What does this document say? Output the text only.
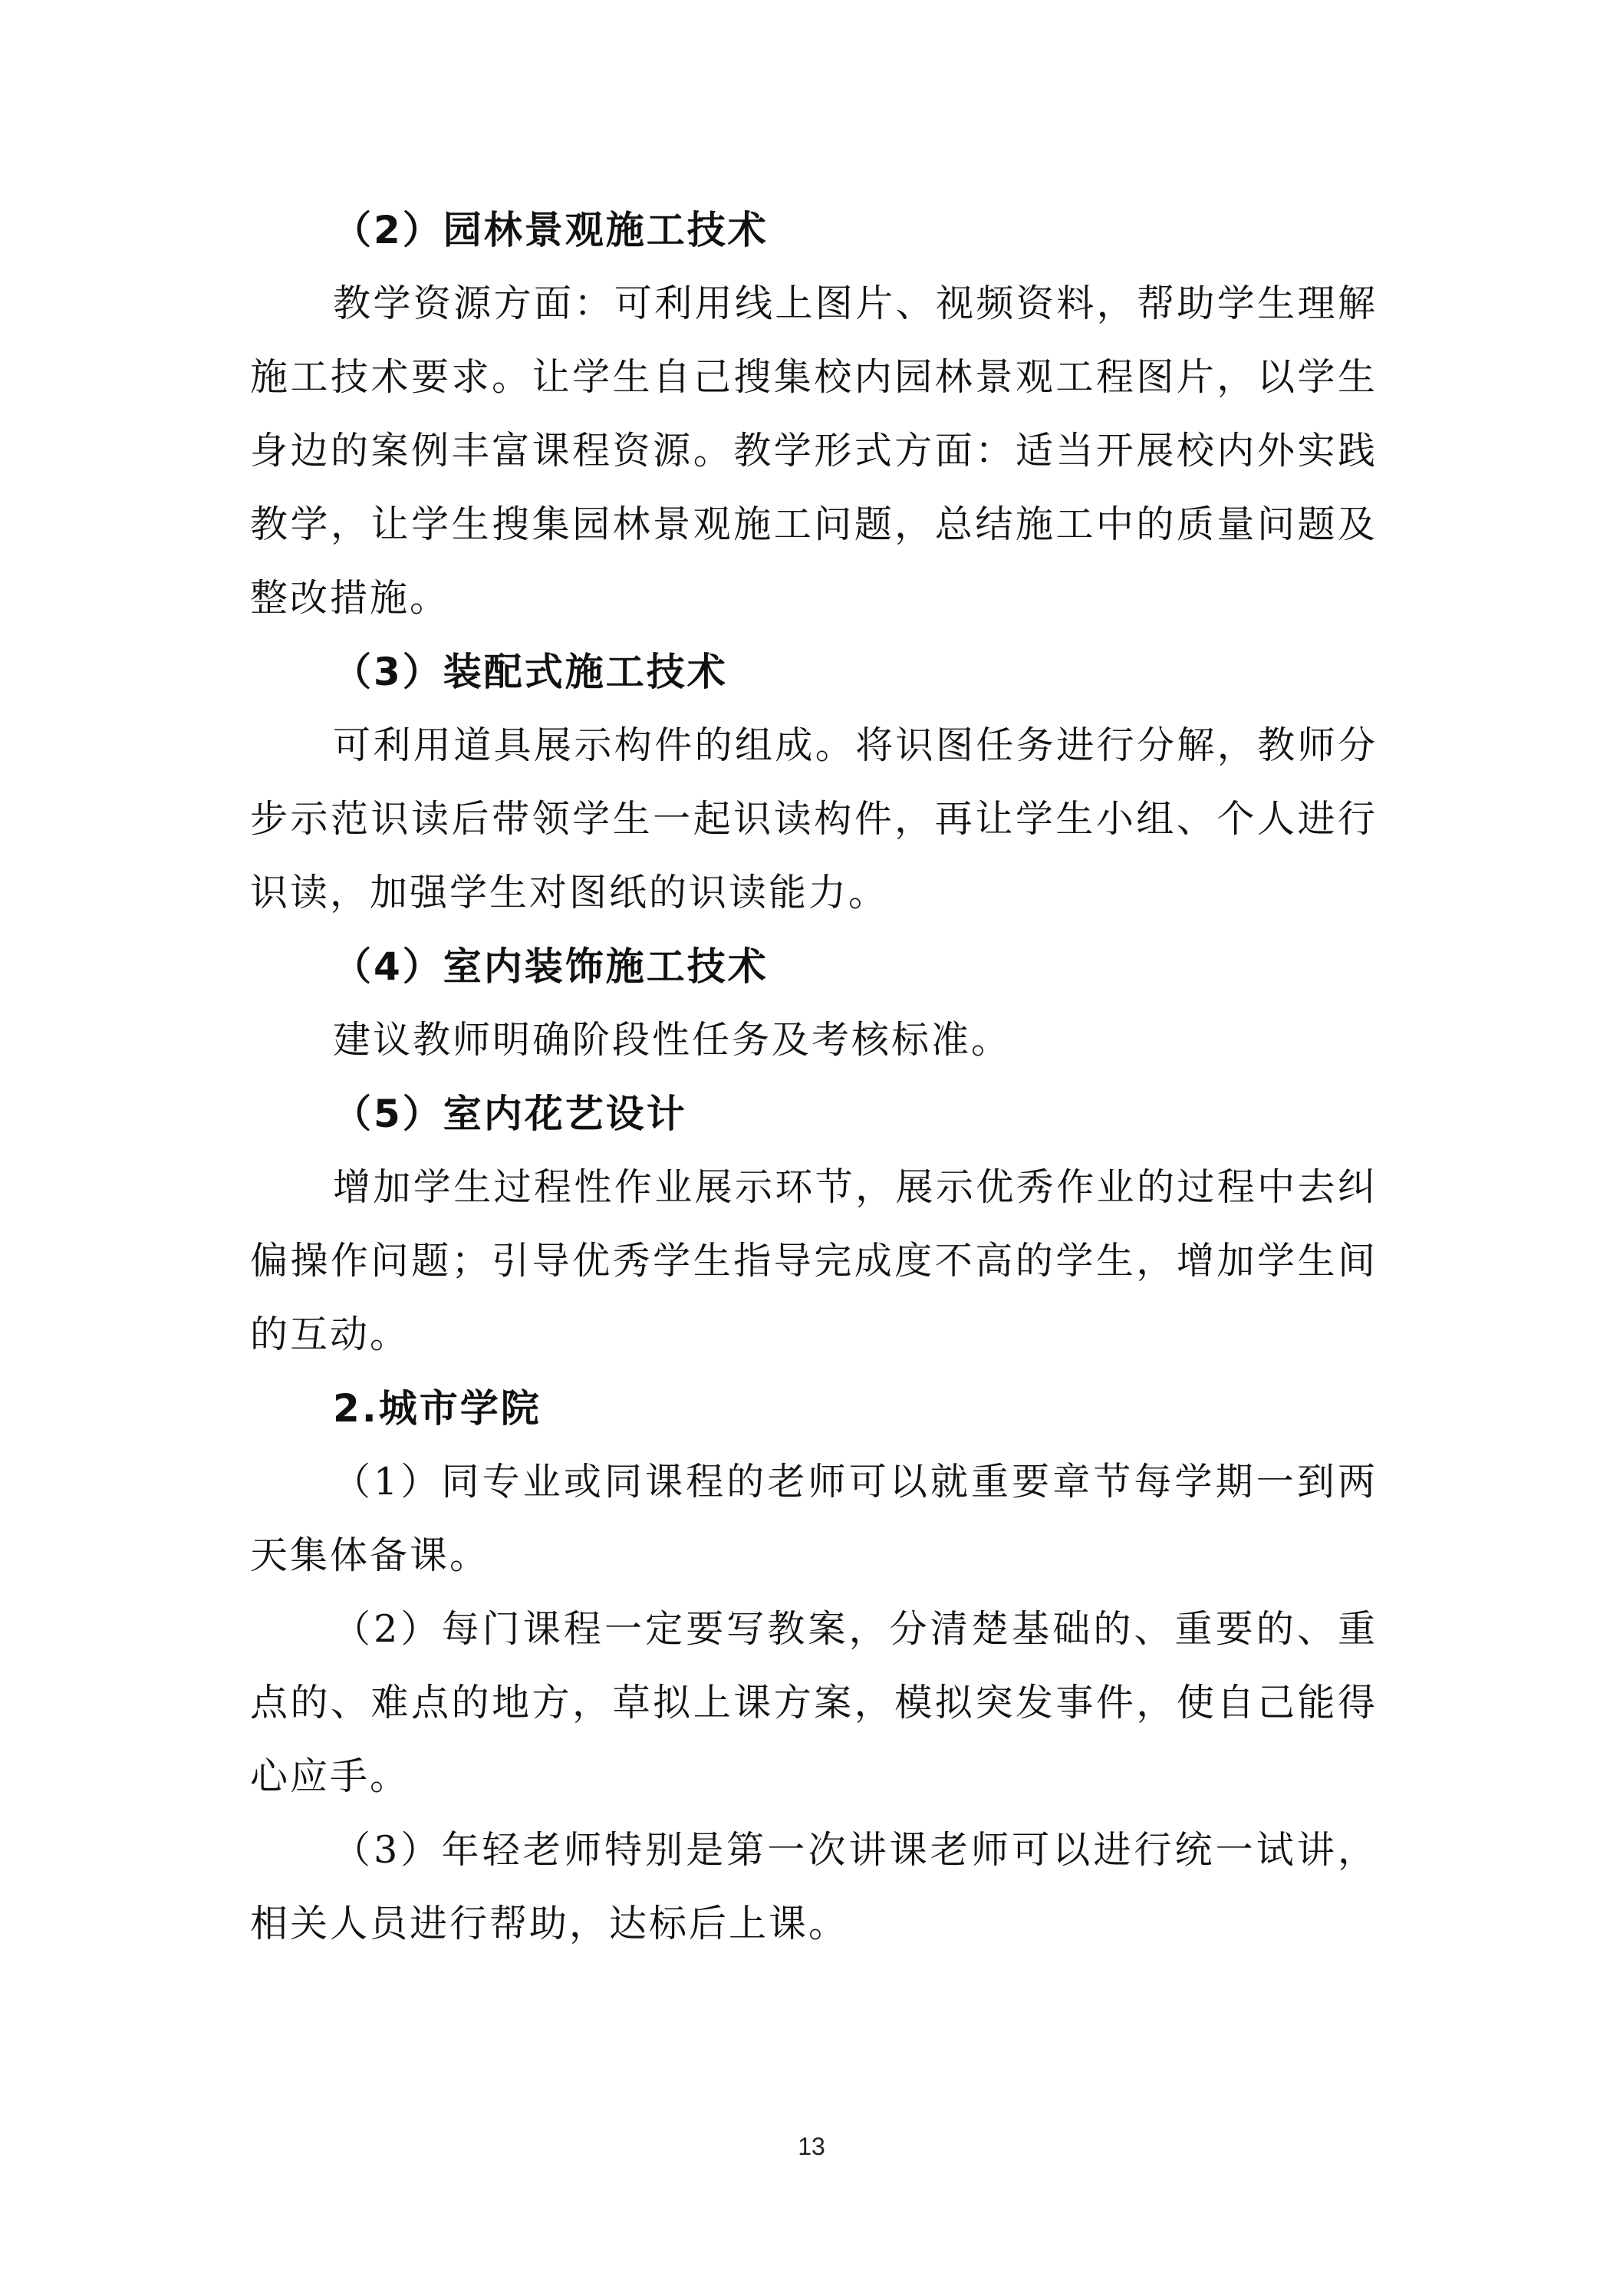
（2）园林景观施工技术

教学资源方面：可利用线上图片、视频资料，帮助学生理解施工技术要求。让学生自己搜集校内园林景观工程图片，以学生身边的案例丰富课程资源。教学形式方面：适当开展校内外实践教学，让学生搜集园林景观施工问题，总结施工中的质量问题及整改措施。

（3）装配式施工技术

可利用道具展示构件的组成。将识图任务进行分解，教师分步示范识读后带领学生一起识读构件，再让学生小组、个人进行识读，加强学生对图纸的识读能力。

（4）室内装饰施工技术

建议教师明确阶段性任务及考核标准。

（5）室内花艺设计

增加学生过程性作业展示环节，展示优秀作业的过程中去纠偏操作问题；引导优秀学生指导完成度不高的学生，增加学生间的互动。

2.城市学院

（1）同专业或同课程的老师可以就重要章节每学期一到两天集体备课。

（2）每门课程一定要写教案，分清楚基础的、重要的、重点的、难点的地方，草拟上课方案，模拟突发事件，使自己能得心应手。

（3）年轻老师特别是第一次讲课老师可以进行统一试讲，相关人员进行帮助，达标后上课。

13
